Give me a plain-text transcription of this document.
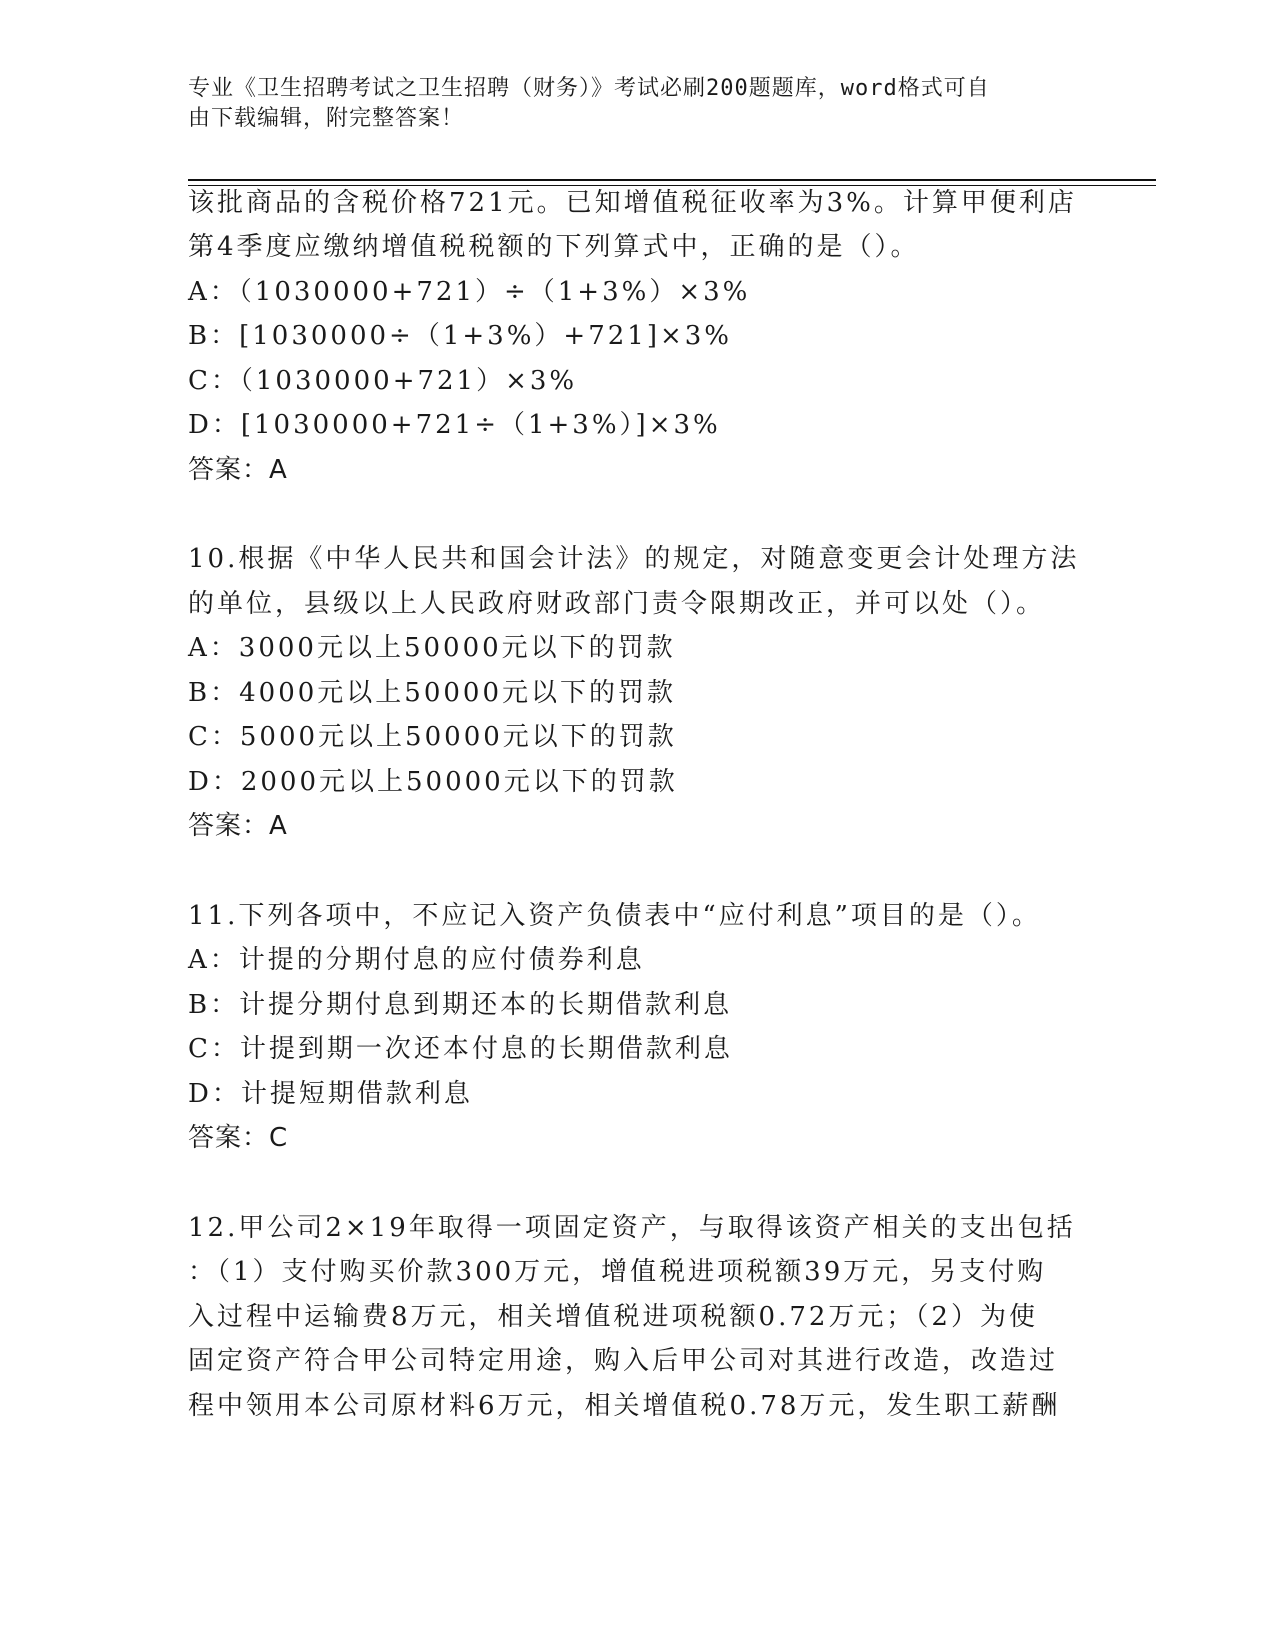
专业《卫生招聘考试之卫生招聘（财务）》考试必刷200题题库，word格式可自
由下载编辑，附完整答案！
该批商品的含税价格721元。已知增值税征收率为3%。计算甲便利店
第4季度应缴纳增值税税额的下列算式中，正确的是（）。
A：（1030000+721）÷（1+3%）×3%
B：[1030000÷（1+3%）+721]×3%
C：（1030000+721）×3%
D：[1030000+721÷（1+3%）]×3%
答案：A
10.根据《中华人民共和国会计法》的规定，对随意变更会计处理方法
的单位，县级以上人民政府财政部门责令限期改正，并可以处（）。
A：3000元以上50000元以下的罚款
B：4000元以上50000元以下的罚款
C：5000元以上50000元以下的罚款
D：2000元以上50000元以下的罚款
答案：A
11.下列各项中，不应记入资产负债表中“应付利息”项目的是（）。
A：计提的分期付息的应付债券利息
B：计提分期付息到期还本的长期借款利息
C：计提到期一次还本付息的长期借款利息
D：计提短期借款利息
答案：C
12.甲公司2×19年取得一项固定资产，与取得该资产相关的支出包括
：（1）支付购买价款300万元，增值税进项税额39万元，另支付购
入过程中运输费8万元，相关增值税进项税额0.72万元；（2）为使
固定资产符合甲公司特定用途，购入后甲公司对其进行改造，改造过
程中领用本公司原材料6万元，相关增值税0.78万元，发生职工薪酬
